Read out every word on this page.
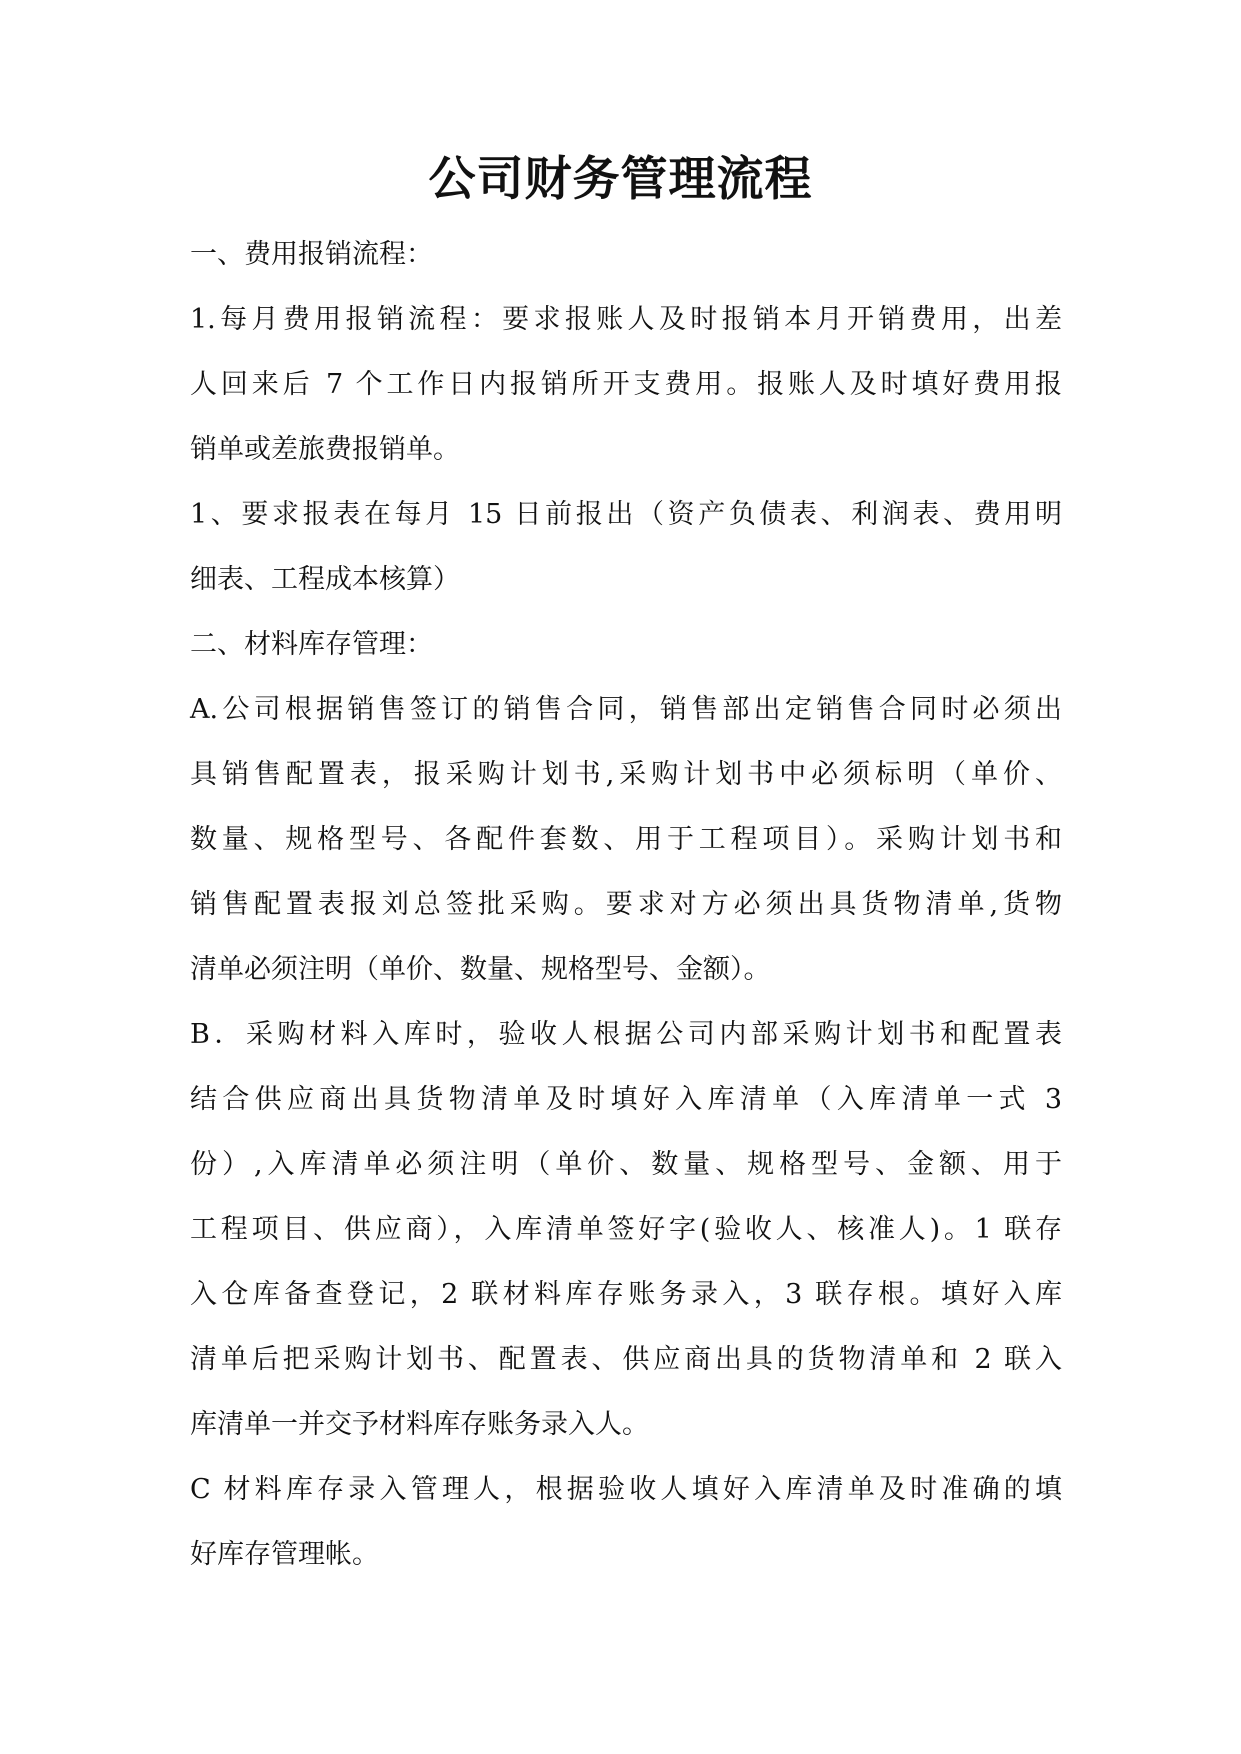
公司财务管理流程
一、费用报销流程：
1.每月费用报销流程：要求报账人及时报销本月开销费用，出差
人回来后 7 个工作日内报销所开支费用。报账人及时填好费用报
销单或差旅费报销单。
1、要求报表在每月 15 日前报出（资产负债表、利润表、费用明
细表、工程成本核算）
二、材料库存管理：
A.公司根据销售签订的销售合同，销售部出定销售合同时必须出
具销售配置表，报采购计划书,采购计划书中必须标明（单价、
数量、规格型号、各配件套数、用于工程项目）。采购计划书和
销售配置表报刘总签批采购。要求对方必须出具货物清单,货物
清单必须注明（单价、数量、规格型号、金额）。
B．采购材料入库时，验收人根据公司内部采购计划书和配置表
结合供应商出具货物清单及时填好入库清单（入库清单一式 3
份）,入库清单必须注明（单价、数量、规格型号、金额、用于
工程项目、供应商），入库清单签好字(验收人、核准人)。1 联存
入仓库备查登记，2 联材料库存账务录入，3 联存根。填好入库
清单后把采购计划书、配置表、供应商出具的货物清单和 2 联入
库清单一并交予材料库存账务录入人。
C 材料库存录入管理人，根据验收人填好入库清单及时准确的填
好库存管理帐。
